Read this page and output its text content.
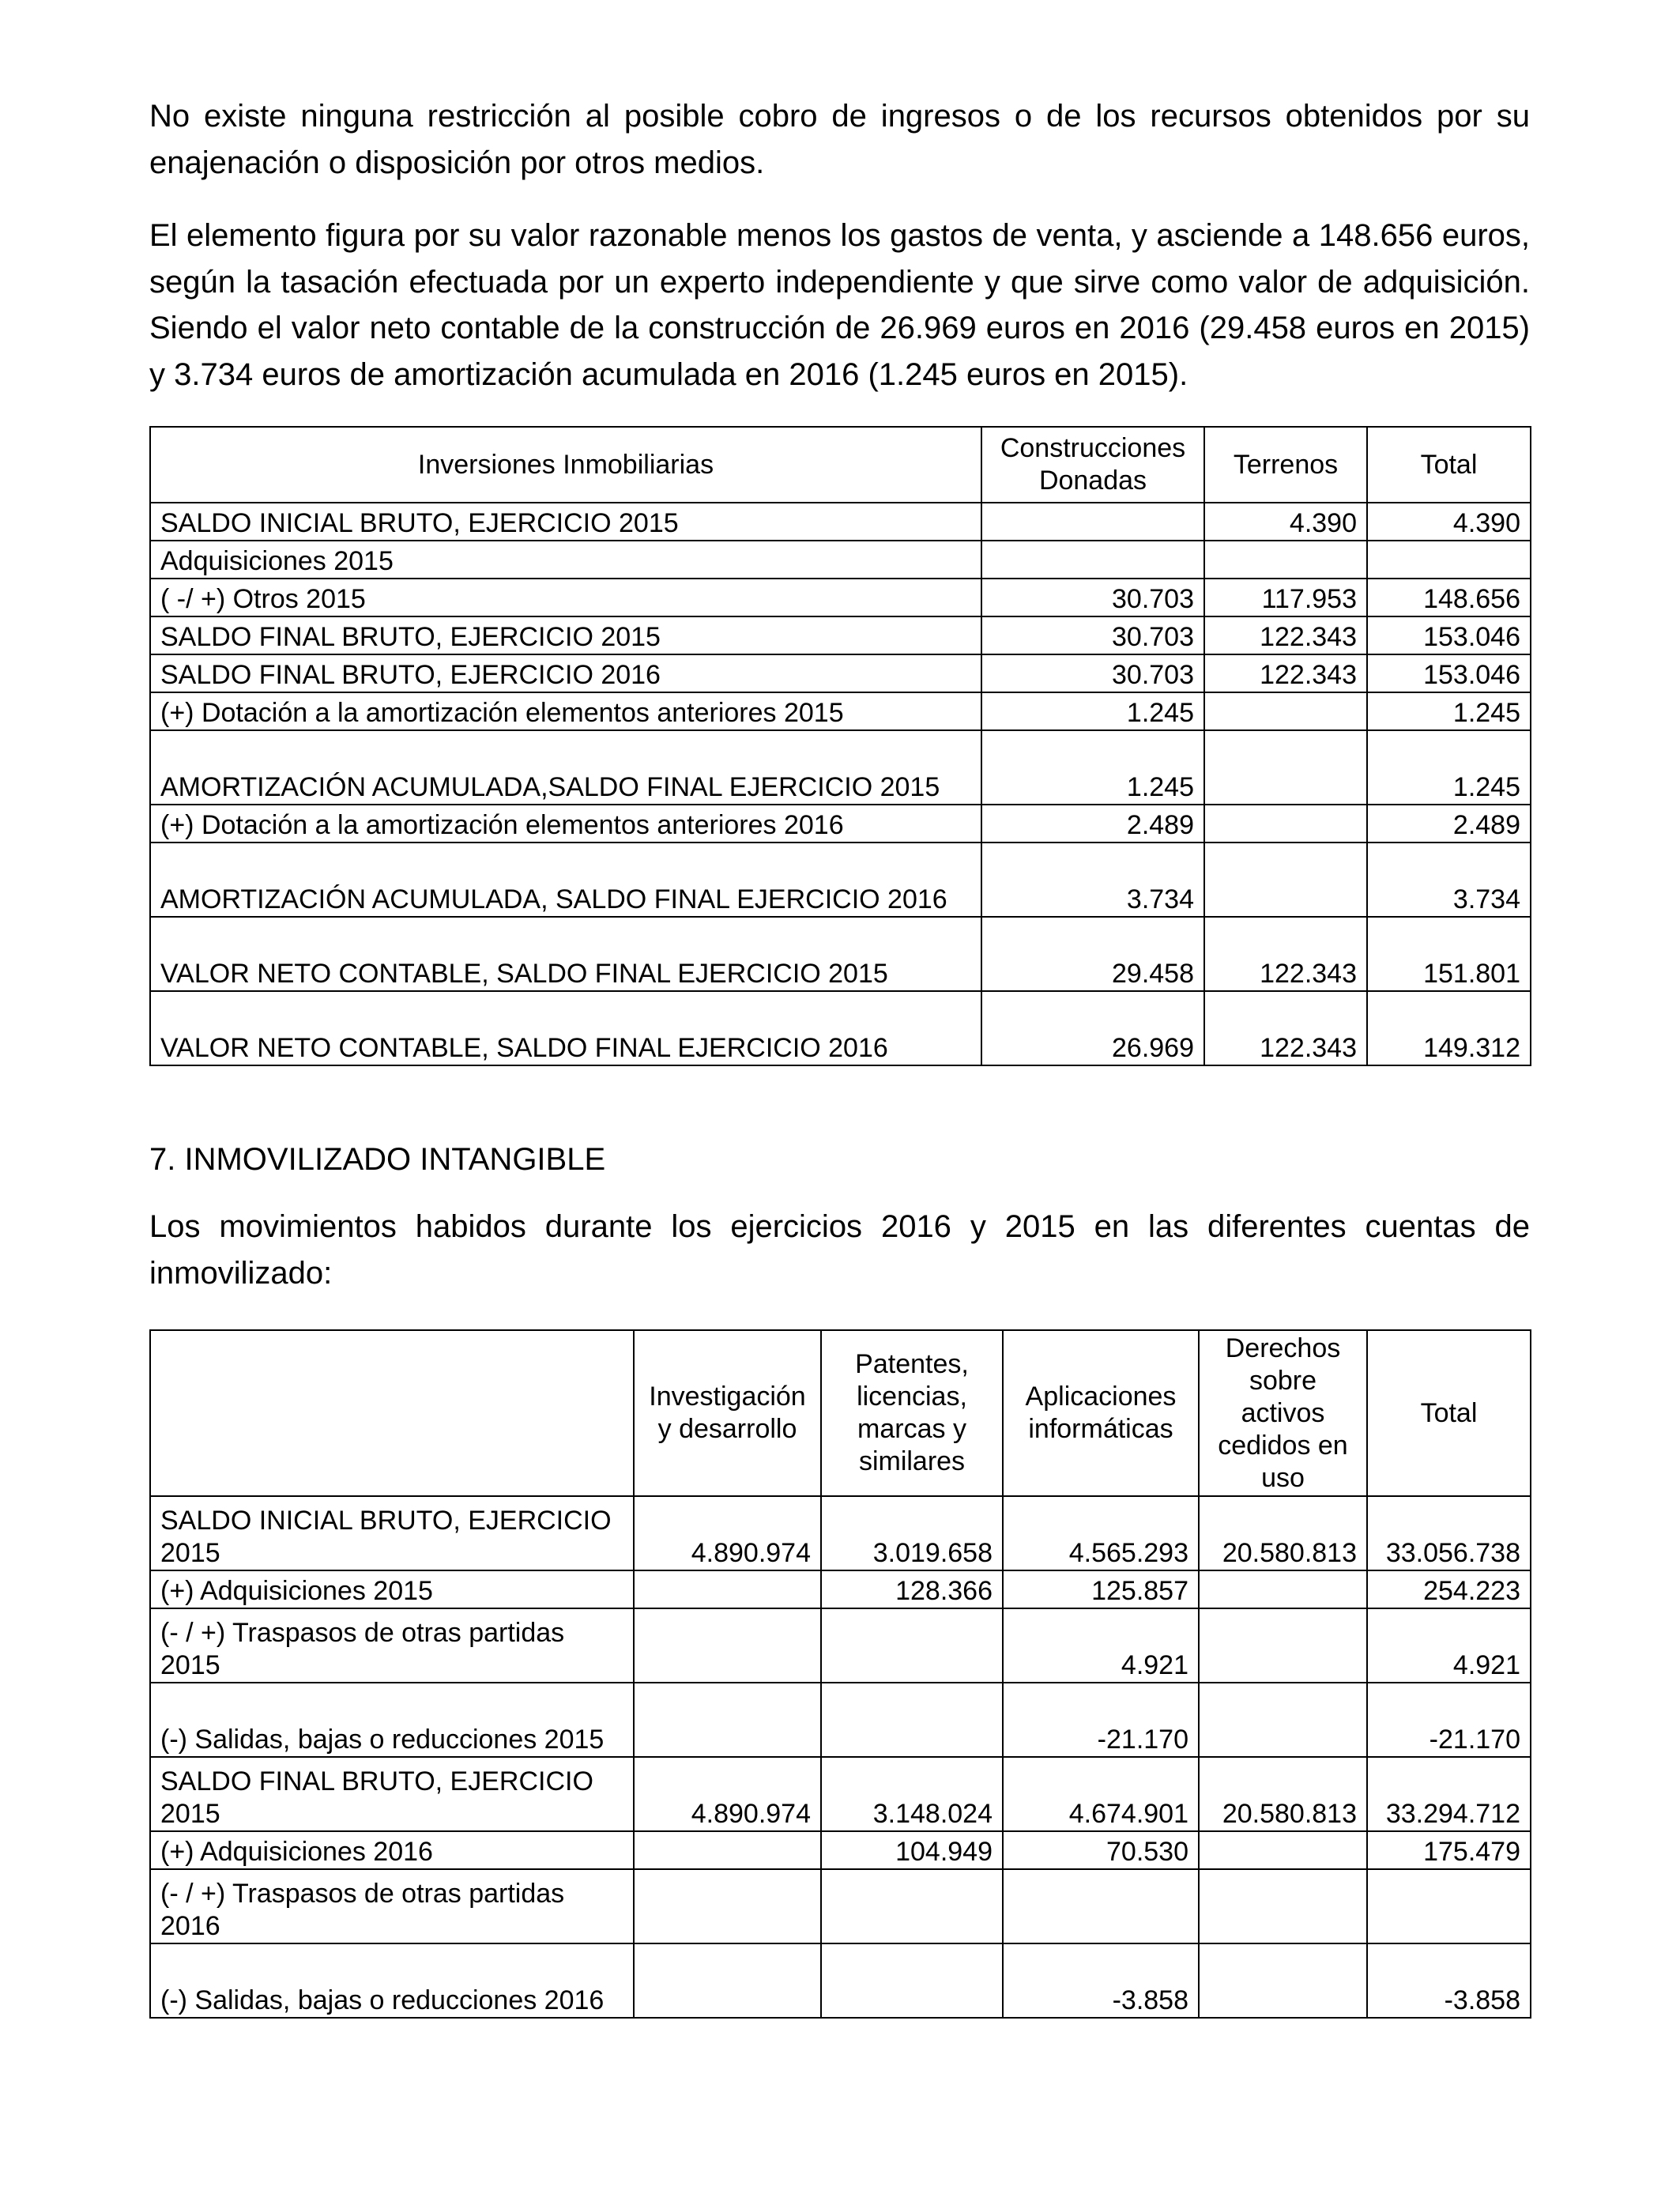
No existe ninguna restricción al posible cobro de ingresos o de los recursos obtenidos por su enajenación o disposición por otros medios.

El elemento figura por su valor razonable menos los gastos de venta, y asciende a 148.656 euros, según la tasación efectuada por un experto independiente y que sirve como valor de adquisición. Siendo el valor neto contable de la construcción de 26.969 euros en 2016 (29.458 euros en 2015) y 3.734 euros de amortización acumulada en 2016 (1.245 euros en 2015).

Inversiones Inmobiliarias	Construcciones Donadas	Terrenos	Total
SALDO INICIAL BRUTO, EJERCICIO 2015		4.390	4.390
Adquisiciones 2015			
( -/ +) Otros 2015	30.703	117.953	148.656
SALDO FINAL BRUTO, EJERCICIO 2015	30.703	122.343	153.046
SALDO FINAL BRUTO, EJERCICIO 2016	30.703	122.343	153.046
(+) Dotación a la amortización elementos anteriores 2015	1.245		1.245
AMORTIZACIÓN ACUMULADA,SALDO FINAL EJERCICIO 2015	1.245		1.245
(+) Dotación a la amortización elementos anteriores 2016	2.489		2.489
AMORTIZACIÓN ACUMULADA, SALDO FINAL EJERCICIO 2016	3.734		3.734
VALOR NETO CONTABLE, SALDO FINAL EJERCICIO 2015	29.458	122.343	151.801
VALOR NETO CONTABLE, SALDO FINAL EJERCICIO 2016	26.969	122.343	149.312
7. INMOVILIZADO INTANGIBLE

Los movimientos habidos durante los ejercicios 2016 y 2015 en las diferentes cuentas de inmovilizado:

	Investigación y desarrollo	Patentes, licencias, marcas y similares	Aplicaciones informáticas	Derechos sobre activos cedidos en uso	Total
SALDO INICIAL BRUTO, EJERCICIO 2015	4.890.974	3.019.658	4.565.293	20.580.813	33.056.738
(+) Adquisiciones 2015		128.366	125.857		254.223
(- / +) Traspasos de otras partidas 2015			4.921		4.921
(-) Salidas, bajas o reducciones 2015			-21.170		-21.170
SALDO FINAL BRUTO, EJERCICIO 2015	4.890.974	3.148.024	4.674.901	20.580.813	33.294.712
(+) Adquisiciones 2016		104.949	70.530		175.479
(- / +) Traspasos de otras partidas 2016					
(-) Salidas, bajas o reducciones 2016			-3.858		-3.858
